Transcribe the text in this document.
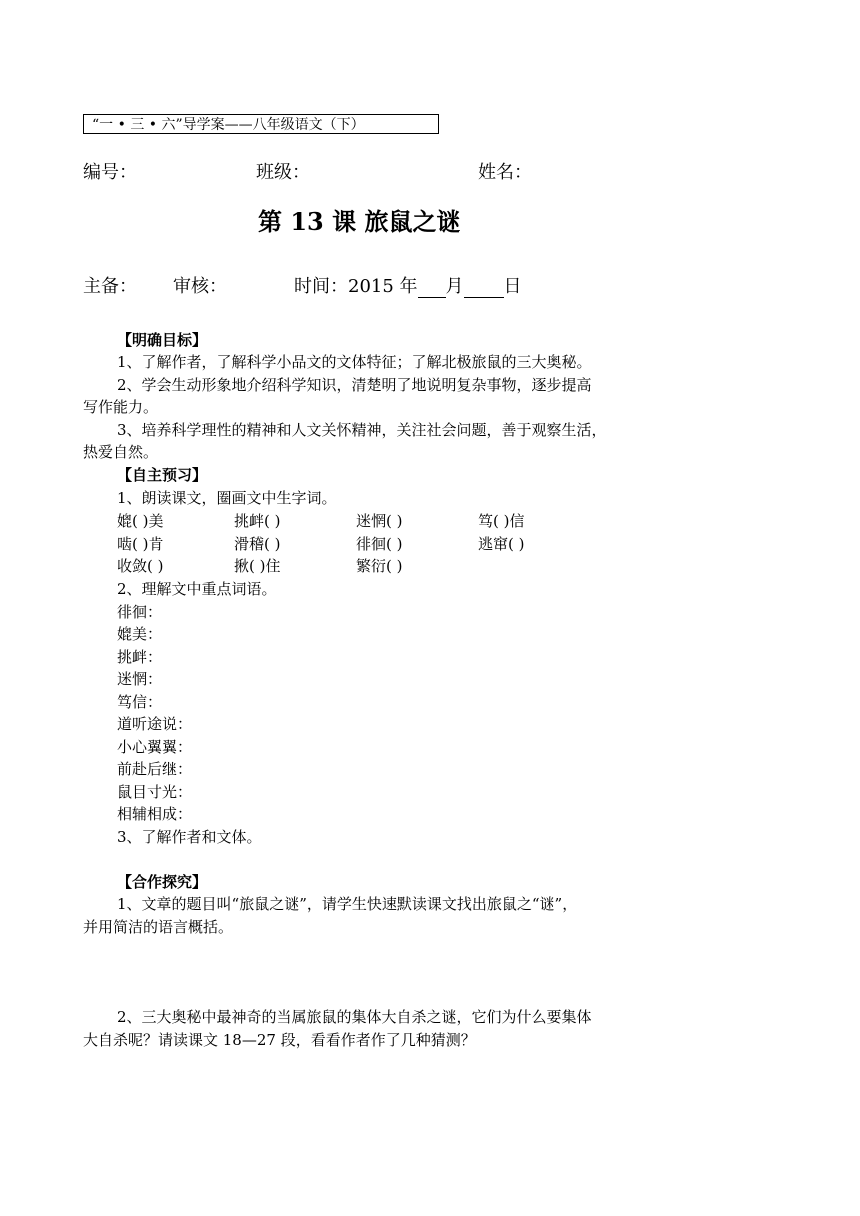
“一 • 三 • 六”导学案——八年级语文（下）
编号：	班级：	姓名：
第 13 课 旅鼠之谜
主备： 审核：	时间：2015 年 月 日
【明确目标】
1、了解作者，了解科学小品文的文体特征；了解北极旅鼠的三大奥秘。
2、学会生动形象地介绍科学知识，清楚明了地说明复杂事物，逐步提高
写作能力。
3、培养科学理性的精神和人文关怀精神，关注社会问题，善于观察生活，
热爱自然。
【自主预习】
1、朗读课文，圈画文中生字词。
媲( )美	挑衅( )	迷惘( )	笃( )信
啮( )肯	滑稽( )	徘徊( )	逃窜( )
收敛( )	揪( )住	繁衍( )
2、理解文中重点词语。
徘徊：
媲美：
挑衅：
迷惘：
笃信：
道听途说：
小心翼翼：
前赴后继：
鼠目寸光：
相辅相成：
3、了解作者和文体。
【合作探究】
1、文章的题目叫“旅鼠之谜”，请学生快速默读课文找出旅鼠之“谜”，
并用简洁的语言概括。
2、三大奥秘中最神奇的当属旅鼠的集体大自杀之谜，它们为什么要集体
大自杀呢？请读课文 18—27 段，看看作者作了几种猜测？
